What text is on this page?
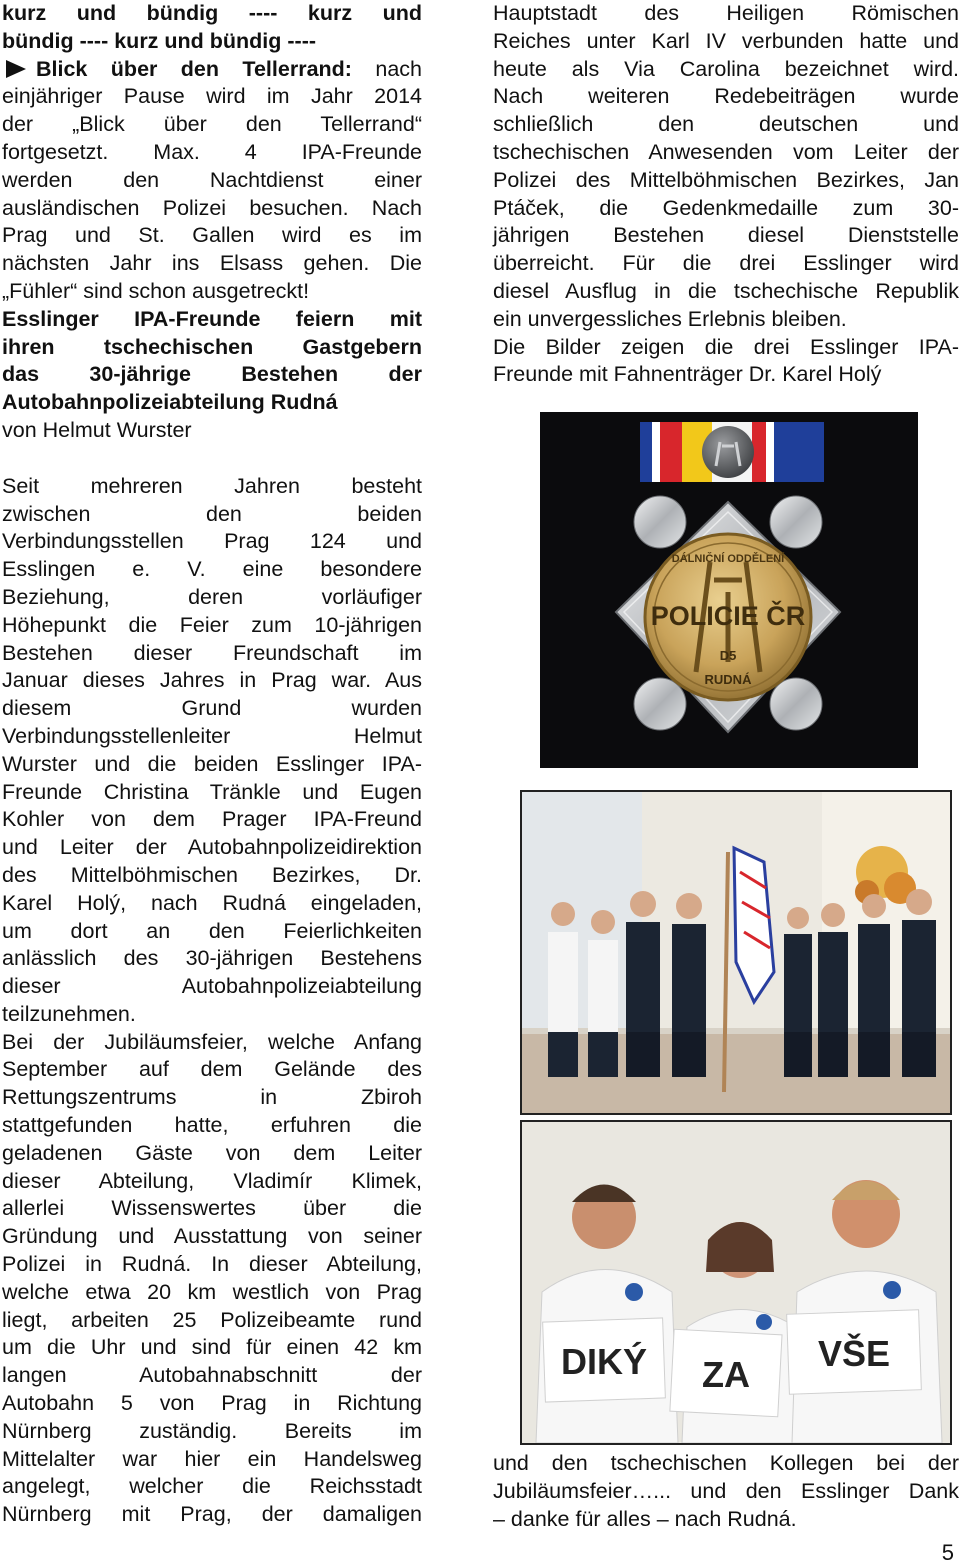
kurz und bündig ---- kurz und

bündig ---- kurz und bündig ----

Blick über den Tellerrand: nach

einjähriger Pause wird im Jahr 2014

der „Blick über den Tellerrand“

fortgesetzt. Max. 4 IPA-Freunde

werden den Nachtdienst einer

ausländischen Polizei besuchen. Nach

Prag und St. Gallen wird es im

nächsten Jahr ins Elsass gehen. Die

„Fühler“ sind schon ausgetreckt!

Esslinger IPA-Freunde feiern mit

ihren tschechischen Gastgebern

das 30-jährige Bestehen der

Autobahnpolizeiabteilung Rudná

von Helmut Wurster

Seit mehreren Jahren besteht

zwischen den beiden

Verbindungsstellen Prag 124 und

Esslingen e. V. eine besondere

Beziehung, deren vorläufiger

Höhepunkt die Feier zum 10-jährigen

Bestehen dieser Freundschaft im

Januar dieses Jahres in Prag war. Aus

diesem Grund wurden

Verbindungsstellenleiter Helmut

Wurster und die beiden Esslinger IPA-

Freunde Christina Tränkle und Eugen

Kohler von dem Prager IPA-Freund

und Leiter der Autobahnpolizeidirektion

des Mittelböhmischen Bezirkes, Dr.

Karel Holý, nach Rudná eingeladen,

um dort an den Feierlichkeiten

anlässlich des 30-jährigen Bestehens

dieser Autobahnpolizeiabteilung

teilzunehmen.

Bei der Jubiläumsfeier, welche Anfang

September auf dem Gelände des

Rettungszentrums in Zbiroh

stattgefunden hatte, erfuhren die

geladenen Gäste von dem Leiter

dieser Abteilung, Vladimír Klimek,

allerlei Wissenswertes über die

Gründung und Ausstattung von seiner

Polizei in Rudná. In dieser Abteilung,

welche etwa 20 km westlich von Prag

liegt, arbeiten 25 Polizeibeamte rund

um die Uhr und sind für einen 42 km

langen Autobahnabschnitt der

Autobahn 5 von Prag in Richtung

Nürnberg zuständig. Bereits im

Mittelalter war hier ein Handelsweg

angelegt, welcher die Reichsstadt

Nürnberg mit Prag, der damaligen

Hauptstadt des Heiligen Römischen

Reiches unter Karl IV verbunden hatte und

heute als Via Carolina bezeichnet wird.

Nach weiteren Redebeiträgen wurde

schließlich den deutschen und

tschechischen Anwesenden vom Leiter der

Polizei des Mittelböhmischen Bezirkes, Jan

Ptáček, die Gedenkmedaille zum 30-

jährigen Bestehen diesel Dienststelle

überreicht. Für die drei Esslinger wird

diesel Ausflug in die tschechische Republik

ein unvergessliches Erlebnis bleiben.

Die Bilder zeigen die drei Esslinger IPA-

Freunde mit Fahnenträger Dr. Karel Holý

DÁLNIČNÍ ODDĚLENÍ
POLICIE ČR
D5
RUDNÁ
DIKÝ ZA
VŠE

und den tschechischen Kollegen bei der

Jubiläumsfeier…... und den Esslinger Dank

– danke für alles – nach Rudná.

5
